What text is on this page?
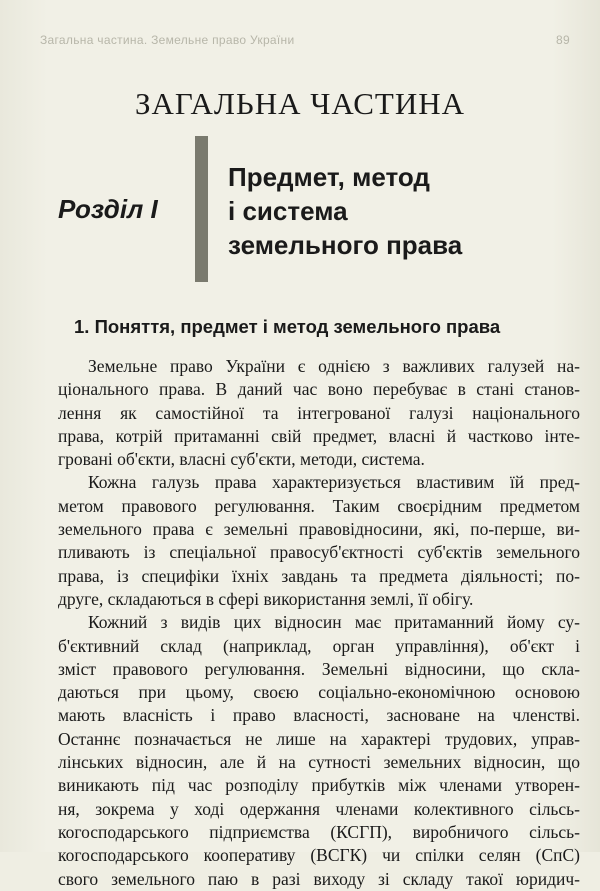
Загальна частина. Земельне право України	89
ЗАГАЛЬНА ЧАСТИНА
Розділ І
Предмет, метод
і система
земельного права
1. Поняття, предмет і метод земельного права
Земельне право України є однією з важливих галузей на-
ціонального права. В даний час воно перебуває в стані станов-
лення як самостійної та інтегрованої галузі національного
права, котрій притаманні свій предмет, власні й частково інте-
гровані об'єкти, власні суб'єкти, методи, система.
Кожна галузь права характеризується властивим їй пред-
метом правового регулювання. Таким своєрідним предметом
земельного права є земельні правовідносини, які, по-перше, ви-
пливають із спеціальної правосуб'єктності суб'єктів земельного
права, із специфіки їхніх завдань та предмета діяльності; по-
друге, складаються в сфері використання землі, її обігу.
Кожний з видів цих відносин має притаманний йому су-
б'єктивний склад (наприклад, орган управління), об'єкт і
зміст правового регулювання. Земельні відносини, що скла-
даються при цьому, своєю соціально-економічною основою
мають власність і право власності, засноване на членстві.
Останнє позначається не лише на характері трудових, управ-
лінських відносин, але й на сутності земельних відносин, що
виникають під час розподілу прибутків між членами утворен-
ня, зокрема у ході одержання членами колективного сільсь-
когосподарського підприємства (КСГП), виробничого сільсь-
когосподарського кооперативу (ВСГК) чи спілки селян (СпС)
свого земельного паю в разі виходу зі складу такої юридич-
